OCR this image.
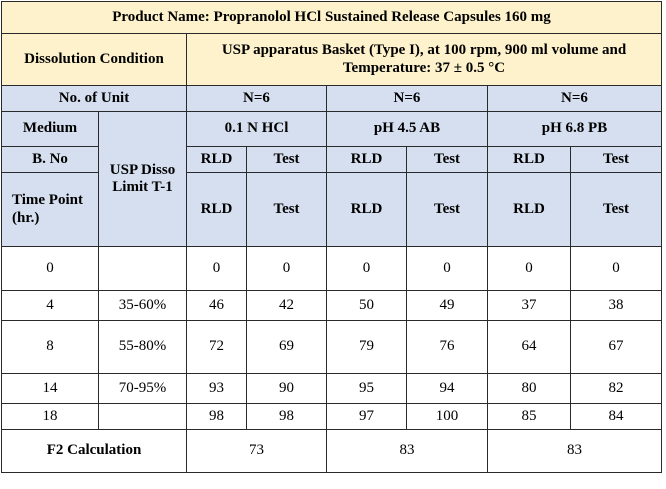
Product Name: Propranolol HCl Sustained Release Capsules 160 mg							
Dissolution Condition		USP apparatus Basket (Type I), at 100 rpm, 900 ml volume and Temperature: 37 ± 0.5 °C					
No. of Unit		N=6		N=6		N=6	
Medium	USP Disso Limit T-1	0.1 N HCl		pH 4.5 AB		pH 6.8 PB	
B. No		RLD	Test	RLD	Test	RLD	Test
Time Point (hr.)		RLD	Test	RLD	Test	RLD	Test
0		0	0	0	0	0	0
4	35-60%	46	42	50	49	37	38
8	55-80%	72	69	79	76	64	67
14	70-95%	93	90	95	94	80	82
18		98	98	97	100	85	84
F2 Calculation		73		83		83	
